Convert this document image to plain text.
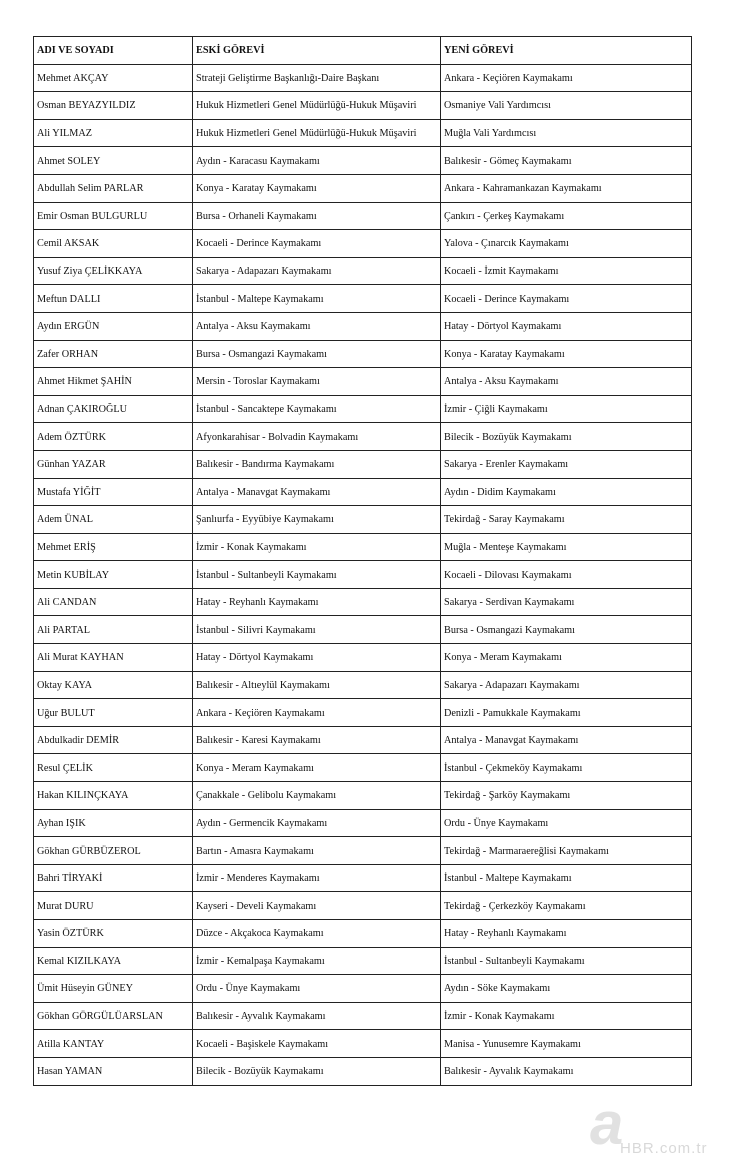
ADI VE SOYADI	ESKİ GÖREVİ	YENİ GÖREVİ
Mehmet AKÇAY	Strateji Geliştirme Başkanlığı-Daire Başkanı	Ankara - Keçiören Kaymakamı
Osman BEYAZYILDIZ	Hukuk Hizmetleri Genel Müdürlüğü-Hukuk Müşaviri	Osmaniye Vali Yardımcısı
Ali YILMAZ	Hukuk Hizmetleri Genel Müdürlüğü-Hukuk Müşaviri	Muğla Vali Yardımcısı
Ahmet SOLEY	Aydın - Karacasu Kaymakamı	Balıkesir - Gömeç Kaymakamı
Abdullah Selim PARLAR	Konya - Karatay Kaymakamı	Ankara - Kahramankazan Kaymakamı
Emir Osman BULGURLU	Bursa - Orhaneli Kaymakamı	Çankırı - Çerkeş Kaymakamı
Cemil AKSAK	Kocaeli - Derince Kaymakamı	Yalova - Çınarcık Kaymakamı
Yusuf Ziya ÇELİKKAYA	Sakarya - Adapazarı Kaymakamı	Kocaeli - İzmit Kaymakamı
Meftun DALLI	İstanbul - Maltepe Kaymakamı	Kocaeli - Derince Kaymakamı
Aydın ERGÜN	Antalya - Aksu Kaymakamı	Hatay - Dörtyol Kaymakamı
Zafer ORHAN	Bursa - Osmangazi Kaymakamı	Konya - Karatay Kaymakamı
Ahmet Hikmet ŞAHİN	Mersin - Toroslar Kaymakamı	Antalya - Aksu Kaymakamı
Adnan ÇAKIROĞLU	İstanbul - Sancaktepe Kaymakamı	İzmir - Çiğli Kaymakamı
Adem ÖZTÜRK	Afyonkarahisar - Bolvadin Kaymakamı	Bilecik - Bozüyük Kaymakamı
Günhan YAZAR	Balıkesir - Bandırma Kaymakamı	Sakarya - Erenler Kaymakamı
Mustafa YİĞİT	Antalya - Manavgat Kaymakamı	Aydın - Didim Kaymakamı
Adem ÜNAL	Şanlıurfa - Eyyübiye Kaymakamı	Tekirdağ - Saray Kaymakamı
Mehmet ERİŞ	İzmir - Konak Kaymakamı	Muğla - Menteşe Kaymakamı
Metin KUBİLAY	İstanbul - Sultanbeyli Kaymakamı	Kocaeli - Dilovası Kaymakamı
Ali CANDAN	Hatay - Reyhanlı Kaymakamı	Sakarya - Serdivan Kaymakamı
Ali PARTAL	İstanbul - Silivri Kaymakamı	Bursa - Osmangazi Kaymakamı
Ali Murat KAYHAN	Hatay - Dörtyol Kaymakamı	Konya - Meram Kaymakamı
Oktay KAYA	Balıkesir - Altıeylül Kaymakamı	Sakarya - Adapazarı Kaymakamı
Uğur BULUT	Ankara - Keçiören Kaymakamı	Denizli - Pamukkale Kaymakamı
Abdulkadir DEMİR	Balıkesir - Karesi Kaymakamı	Antalya - Manavgat Kaymakamı
Resul ÇELİK	Konya - Meram Kaymakamı	İstanbul - Çekmeköy Kaymakamı
Hakan KILINÇKAYA	Çanakkale - Gelibolu Kaymakamı	Tekirdağ - Şarköy Kaymakamı
Ayhan IŞIK	Aydın - Germencik Kaymakamı	Ordu - Ünye Kaymakamı
Gökhan GÜRBÜZEROL	Bartın - Amasra Kaymakamı	Tekirdağ - Marmaraereğlisi Kaymakamı
Bahri TİRYAKİ	İzmir - Menderes Kaymakamı	İstanbul - Maltepe Kaymakamı
Murat DURU	Kayseri - Develi Kaymakamı	Tekirdağ - Çerkezköy Kaymakamı
Yasin ÖZTÜRK	Düzce - Akçakoca Kaymakamı	Hatay - Reyhanlı Kaymakamı
Kemal KIZILKAYA	İzmir - Kemalpaşa Kaymakamı	İstanbul - Sultanbeyli Kaymakamı
Ümit Hüseyin GÜNEY	Ordu - Ünye Kaymakamı	Aydın - Söke Kaymakamı
Gökhan GÖRGÜLÜARSLAN	Balıkesir - Ayvalık Kaymakamı	İzmir - Konak Kaymakamı
Atilla KANTAY	Kocaeli - Başiskele Kaymakamı	Manisa - Yunusemre Kaymakamı
Hasan YAMAN	Bilecik - Bozüyük Kaymakamı	Balıkesir - Ayvalık Kaymakamı
a
HBR.com.tr
